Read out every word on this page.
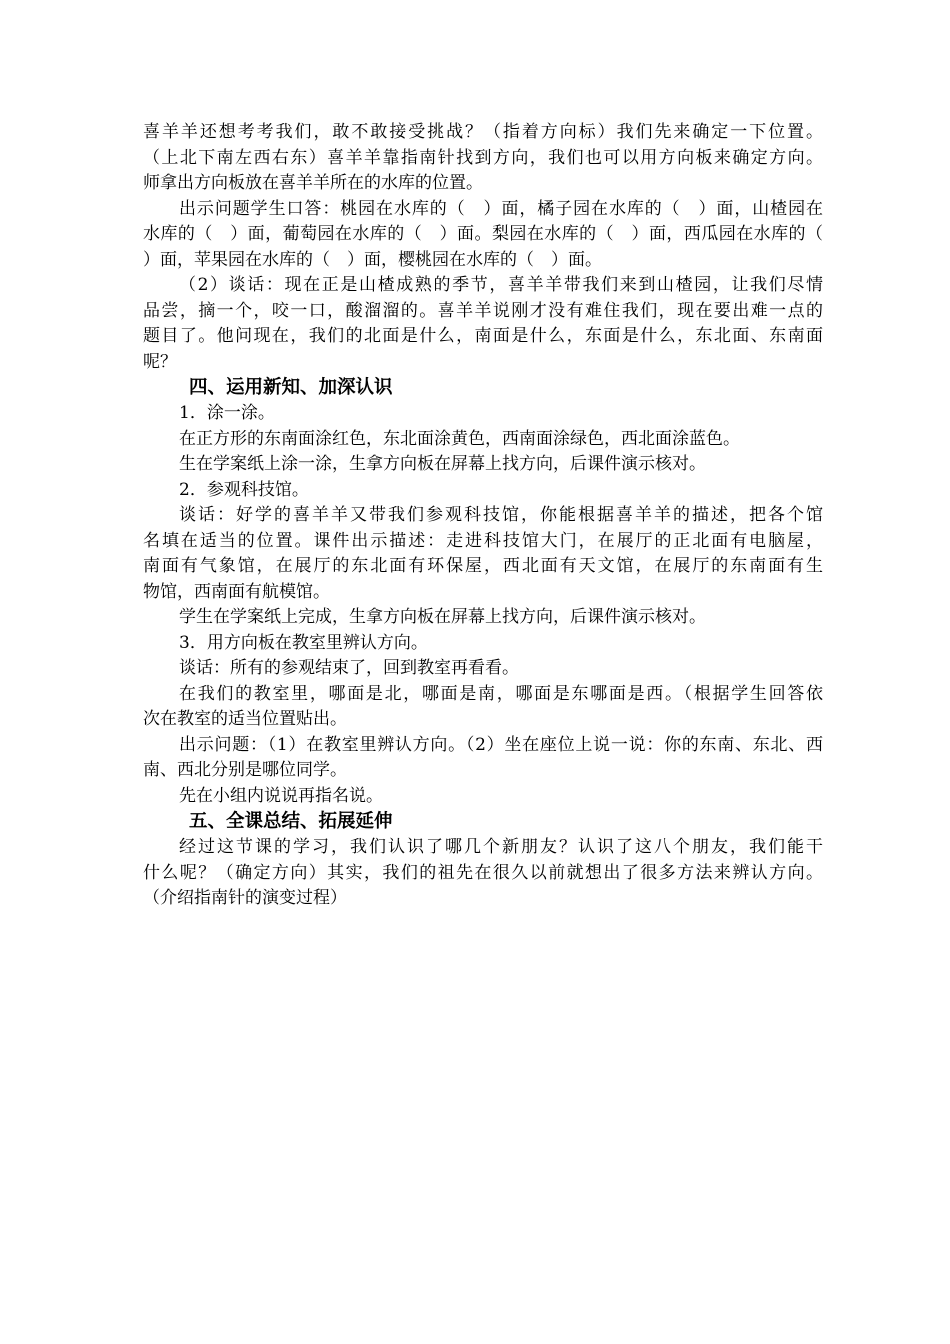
喜羊羊还想考考我们，敢不敢接受挑战？（指着方向标）我们先来确定一下位置。
（上北下南左西右东）喜羊羊靠指南针找到方向，我们也可以用方向板来确定方向。
师拿出方向板放在喜羊羊所在的水库的位置。
出示问题学生口答：桃园在水库的（　）面，橘子园在水库的（　）面，山楂园在
水库的（　）面，葡萄园在水库的（　）面。梨园在水库的（　）面，西瓜园在水库的（
）面，苹果园在水库的（　）面，樱桃园在水库的（　）面。
（2）谈话：现在正是山楂成熟的季节，喜羊羊带我们来到山楂园，让我们尽情
品尝，摘一个，咬一口，酸溜溜的。喜羊羊说刚才没有难住我们，现在要出难一点的
题目了。他问现在，我们的北面是什么，南面是什么，东面是什么，东北面、东南面
呢？
四、运用新知、加深认识
1．涂一涂。
在正方形的东南面涂红色，东北面涂黄色，西南面涂绿色，西北面涂蓝色。
生在学案纸上涂一涂，生拿方向板在屏幕上找方向，后课件演示核对。
2．参观科技馆。
谈话：好学的喜羊羊又带我们参观科技馆，你能根据喜羊羊的描述，把各个馆
名填在适当的位置。课件出示描述：走进科技馆大门，在展厅的正北面有电脑屋，
南面有气象馆，在展厅的东北面有环保屋，西北面有天文馆，在展厅的东南面有生
物馆，西南面有航模馆。
学生在学案纸上完成，生拿方向板在屏幕上找方向，后课件演示核对。
3．用方向板在教室里辨认方向。
谈话：所有的参观结束了，回到教室再看看。
在我们的教室里，哪面是北，哪面是南，哪面是东哪面是西。（根据学生回答依
次在教室的适当位置贴出。
出示问题：（1）在教室里辨认方向。（2）坐在座位上说一说：你的东南、东北、西
南、西北分别是哪位同学。
先在小组内说说再指名说。
五、全课总结、拓展延伸
经过这节课的学习，我们认识了哪几个新朋友？认识了这八个朋友，我们能干
什么呢？（确定方向）其实，我们的祖先在很久以前就想出了很多方法来辨认方向。
（介绍指南针的演变过程）
